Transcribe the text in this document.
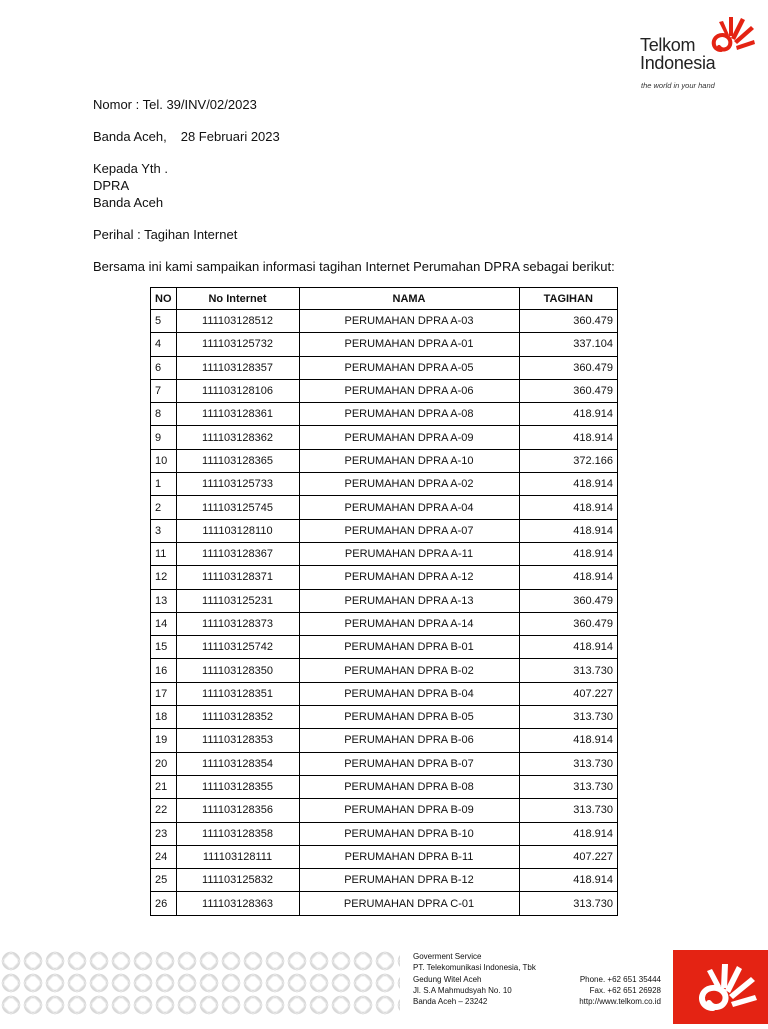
Telkom
Indonesia
the world in your hand

Nomor : Tel. 39/INV/02/2023

Banda Aceh, 28 Februari 2023

Kepada Yth .

DPRA

Banda Aceh

Perihal : Tagihan Internet

Bersama ini kami sampaikan informasi tagihan Internet Perumahan DPRA sebagai berikut:

NO	No Internet	NAMA	TAGIHAN
5	111103128512	PERUMAHAN DPRA A-03	360.479
4	111103125732	PERUMAHAN DPRA A-01	337.104
6	111103128357	PERUMAHAN DPRA A-05	360.479
7	111103128106	PERUMAHAN DPRA A-06	360.479
8	111103128361	PERUMAHAN DPRA A-08	418.914
9	111103128362	PERUMAHAN DPRA A-09	418.914
10	111103128365	PERUMAHAN DPRA A-10	372.166
1	111103125733	PERUMAHAN DPRA A-02	418.914
2	111103125745	PERUMAHAN DPRA A-04	418.914
3	111103128110	PERUMAHAN DPRA A-07	418.914
11	111103128367	PERUMAHAN DPRA A-11	418.914
12	111103128371	PERUMAHAN DPRA A-12	418.914
13	111103125231	PERUMAHAN DPRA A-13	360.479
14	111103128373	PERUMAHAN DPRA A-14	360.479
15	111103125742	PERUMAHAN DPRA B-01	418.914
16	111103128350	PERUMAHAN DPRA B-02	313.730
17	111103128351	PERUMAHAN DPRA B-04	407.227
18	111103128352	PERUMAHAN DPRA B-05	313.730
19	111103128353	PERUMAHAN DPRA B-06	418.914
20	111103128354	PERUMAHAN DPRA B-07	313.730
21	111103128355	PERUMAHAN DPRA B-08	313.730
22	111103128356	PERUMAHAN DPRA B-09	313.730
23	111103128358	PERUMAHAN DPRA B-10	418.914
24	111103128111	PERUMAHAN DPRA B-11	407.227
25	111103125832	PERUMAHAN DPRA B-12	418.914
26	111103128363	PERUMAHAN DPRA C-01	313.730
Goverment Service
PT. Telekomunikasi Indonesia, Tbk
Gedung Witel Aceh	Phone. +62 651 35444
Jl. S.A Mahmudsyah No. 10	Fax. +62 651 26928
Banda Aceh – 23242	http://www.telkom.co.id
